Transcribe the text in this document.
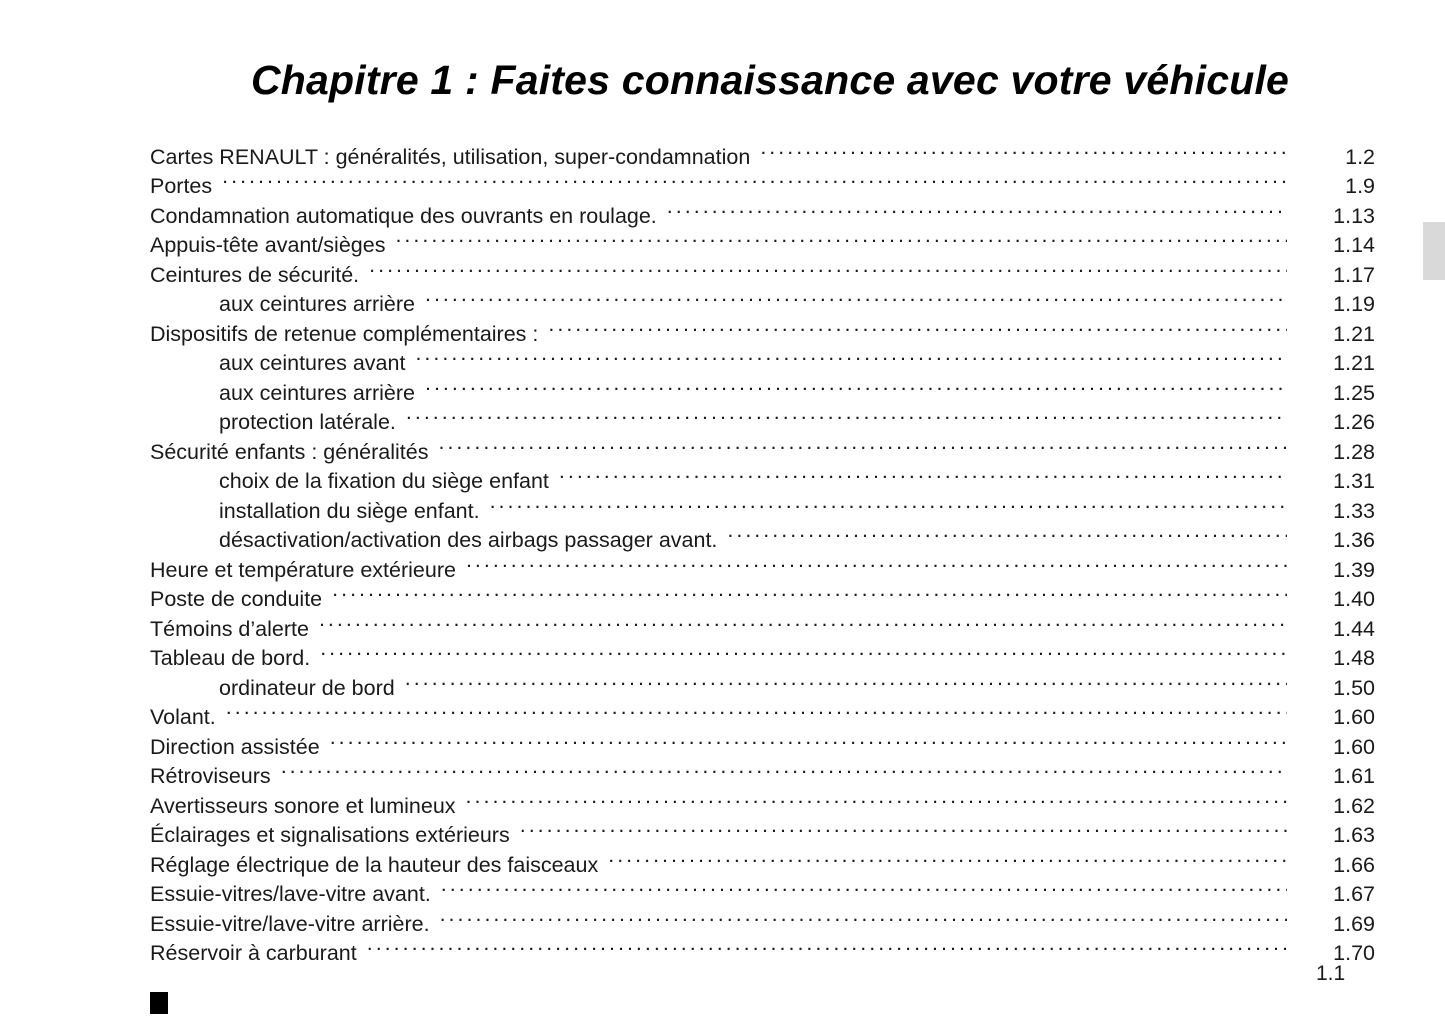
Chapitre 1 : Faites connaissance avec votre véhicule
Cartes RENAULT : généralités, utilisation, super-condamnation .....	1.2
Portes .....	1.9
Condamnation automatique des ouvrants en roulage. .....	1.13
Appuis-tête avant/sièges .....	1.14
Ceintures de sécurité. .....	1.17
aux ceintures arrière .....	1.19
Dispositifs de retenue complémentaires : .....	1.21
aux ceintures avant .....	1.21
aux ceintures arrière .....	1.25
protection latérale. .....	1.26
Sécurité enfants : généralités .....	1.28
choix de la fixation du siège enfant .....	1.31
installation du siège enfant. .....	1.33
désactivation/activation des airbags passager avant. .....	1.36
Heure et température extérieure .....	1.39
Poste de conduite .....	1.40
Témoins d’alerte .....	1.44
Tableau de bord. .....	1.48
ordinateur de bord .....	1.50
Volant. .....	1.60
Direction assistée .....	1.60
Rétroviseurs .....	1.61
Avertisseurs sonore et lumineux .....	1.62
Éclairages et signalisations extérieurs .....	1.63
Réglage électrique de la hauteur des faisceaux .....	1.66
Essuie-vitres/lave-vitre avant. .....	1.67
Essuie-vitre/lave-vitre arrière. .....	1.69
Réservoir à carburant .....	1.70
1.1
